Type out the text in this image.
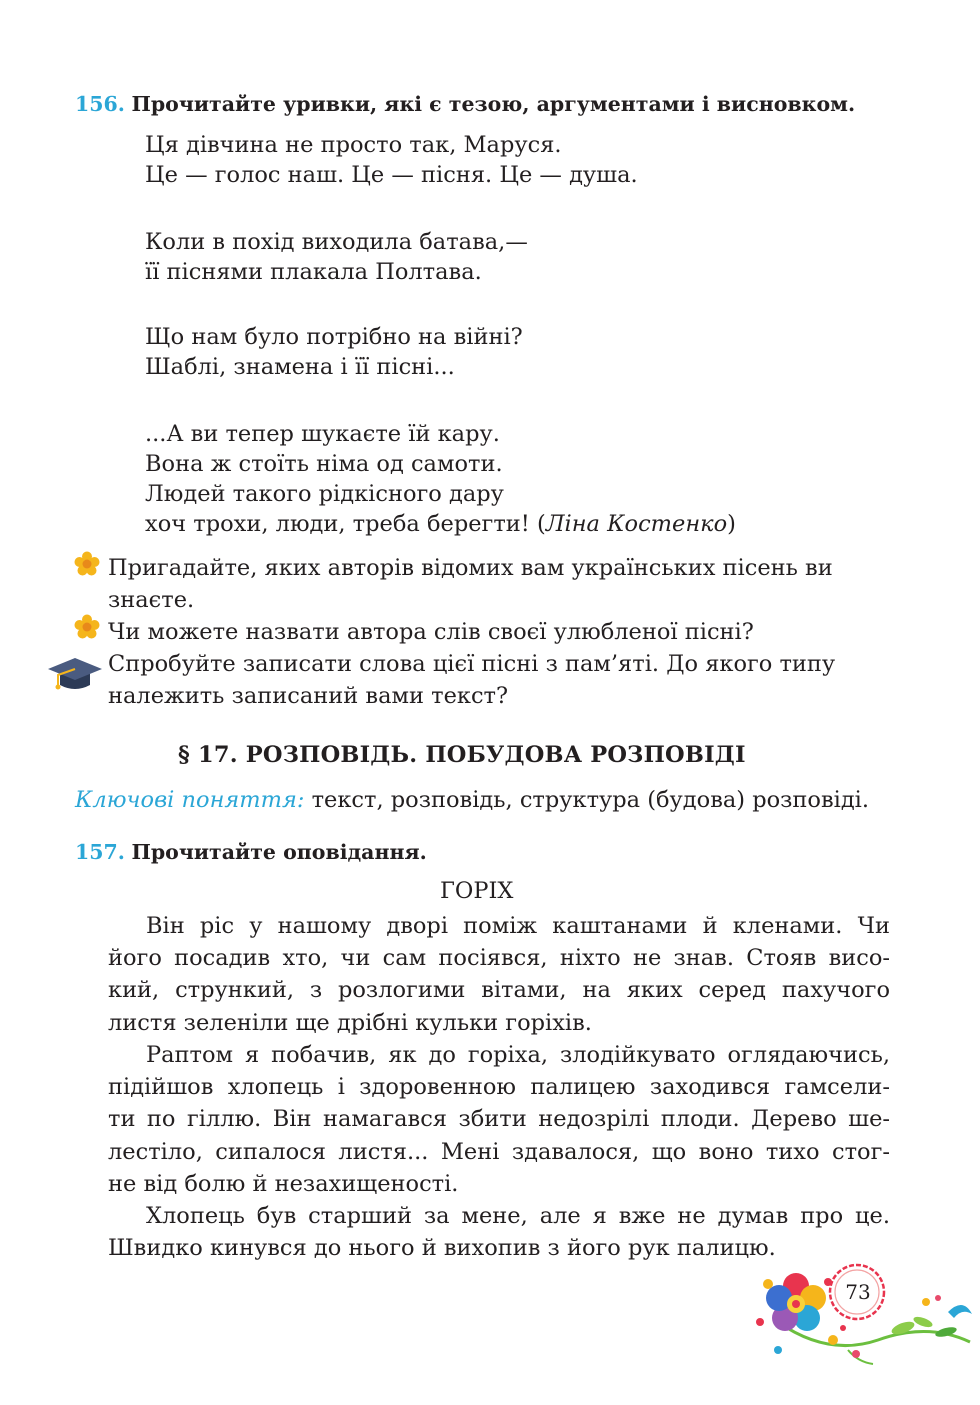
156. Прочитайте уривки, які є тезою, аргументами і висновком.
Ця дівчина не просто так, Маруся.
Це — голос наш. Це — пісня. Це — душа.
Коли в похід виходила батава,—
її піснями плакала Полтава.
Що нам було потрібно на війні?
Шаблі, знамена і її пісні...
...А ви тепер шукаєте їй кару.
Вона ж стоїть німа од самоти.
Людей такого рідкісного дару
хоч трохи, люди, треба берегти! (Ліна Костенко)
Пригадайте, яких авторів відомих вам українських пісень ви
знаєте.
Чи можете назвати автора слів своєї улюбленої пісні?
Спробуйте записати слова цієї пісні з пам’яті. До якого типу
належить записаний вами текст?
§ 17. РОЗПОВІДЬ. ПОБУДОВА РОЗПОВІДІ
Ключові поняття: текст, розповідь, структура (будова) розповіді.
157. Прочитайте оповідання.
ГОРІХ
Він ріс у нашому дворі поміж каштанами й кленами. Чи
його посадив хто, чи сам посіявся, ніхто не знав. Стояв висо-
кий, стрункий, з розлогими вітами, на яких серед пахучого
листя зеленіли ще дрібні кульки горіхів.
Раптом я побачив, як до горіха, злодійкувато оглядаючись,
підійшов хлопець і здоровенною палицею заходився гамсели-
ти по гіллю. Він намагався збити недозрілі плоди. Дерево ше-
лестіло, сипалося листя... Мені здавалося, що воно тихо стог-
не від болю й незахищеності.
Хлопець був старший за мене, але я вже не думав про це.
Швидко кинувся до нього й вихопив з його рук палицю.
73
